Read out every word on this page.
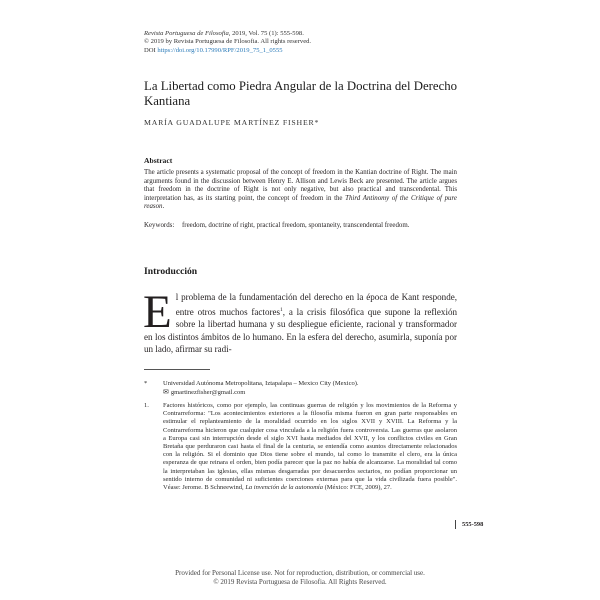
Revista Portuguesa de Filosofia, 2019, Vol. 75 (1): 555-598.
© 2019 by Revista Portuguesa de Filosofia. All rights reserved.
DOI https://doi.org/10.17990/RPF/2019_75_1_0555
La Libertad como Piedra Angular de la Doctrina del Derecho Kantiana
MARÍA GUADALUPE MARTÍNEZ FISHER*
Abstract

The article presents a systematic proposal of the concept of freedom in the Kantian doctrine of Right. The main arguments found in the discussion between Henry E. Allison and Lewis Beck are presented. The article argues that freedom in the doctrine of Right is not only negative, but also practical and transcendental. This interpretation has, as its starting point, the concept of freedom in the Third Antinomy of the Critique of pure reason.

Keywords:	freedom, doctrine of right, practical freedom, spontaneity, transcendental freedom.
Introducción

El problema de la fundamentación del derecho en la época de Kant responde, entre otros muchos factores$^1$, a la crisis filosófica que supone la reflexión sobre la libertad humana y su despliegue eficiente, racional y transformador en los distintos ámbitos de lo humano. En la esfera del derecho, asumirla, suponía por un lado, afirmar su radi-

*	Universidad Autónoma Metropolitana, Iztapalapa – Mexico City (Mexico).
✉ gmartinezfisher@gmail.com
1.	Factores históricos, como por ejemplo, las continuas guerras de religión y los movimientos de la Reforma y Contrarreforma: "Los acontecimientos exteriores a la filosofía misma fueron en gran parte responsables en estimular el replanteamiento de la moralidad ocurrido en los siglos XVII y XVIII. La Reforma y la Contrarreforma hicieron que cualquier cosa vinculada a la religión fuera controversia. Las guerras que asolaron a Europa casi sin interrupción desde el siglo XVI hasta mediados del XVII, y los conflictos civiles en Gran Bretaña que perduraron casi hasta el final de la centuria, se entendía como asuntos directamente relacionados con la religión. Si el dominio que Dios tiene sobre el mundo, tal como lo transmite el clero, era la única esperanza de que reinara el orden, bien podía parecer que la paz no había de alcanzarse. La moralidad tal como la interpretaban las iglesias, ellas mismas desgarradas por desacuerdos sectarios, no podían proporcionar un sentido interno de comunidad ni suficientes coerciones externas para que la vida civilizada fuera posible". Véase: Jerome. B Schneewind, La invención de la autonomía (México: FCE, 2009), 27.
555-598
Provided for Personal License use. Not for reproduction, distribution, or commercial use.
© 2019 Revista Portuguesa de Filosofia. All Rights Reserved.
